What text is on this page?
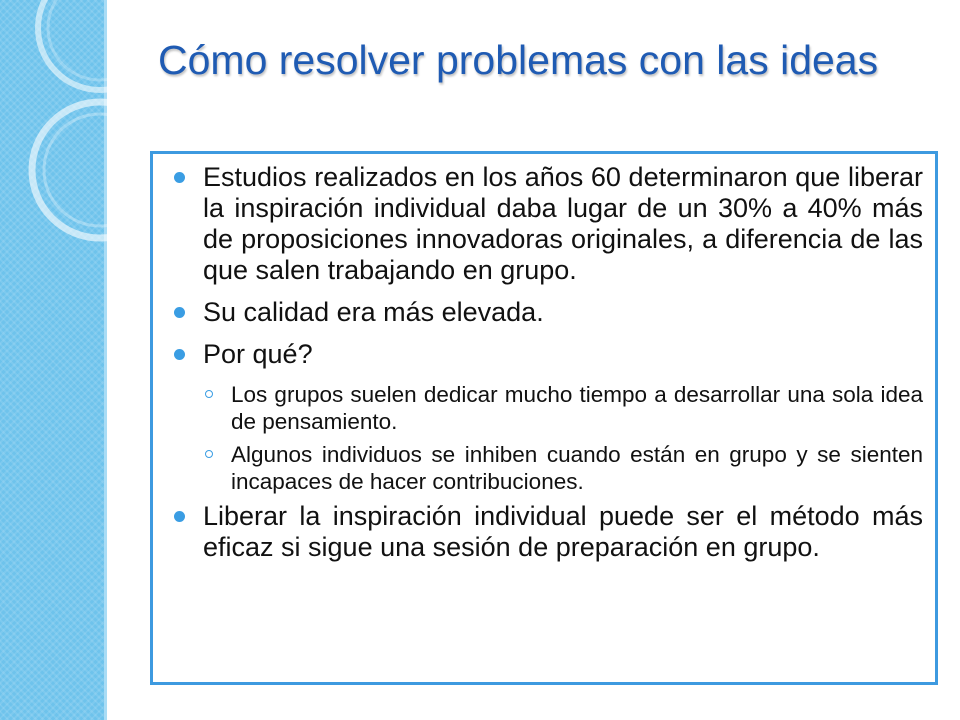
Cómo resolver problemas con las ideas
Estudios realizados en los años 60 determinaron que liberar la inspiración individual daba lugar de un 30% a 40% más de proposiciones innovadoras originales, a diferencia de las que salen trabajando en grupo.
Su calidad era más elevada.
Por qué?
Los grupos suelen dedicar mucho tiempo a desarrollar una sola idea de pensamiento.
Algunos individuos se inhiben cuando están en grupo y se sienten incapaces de hacer contribuciones.
Liberar la inspiración individual puede ser el método más eficaz si sigue una sesión de preparación en grupo.
